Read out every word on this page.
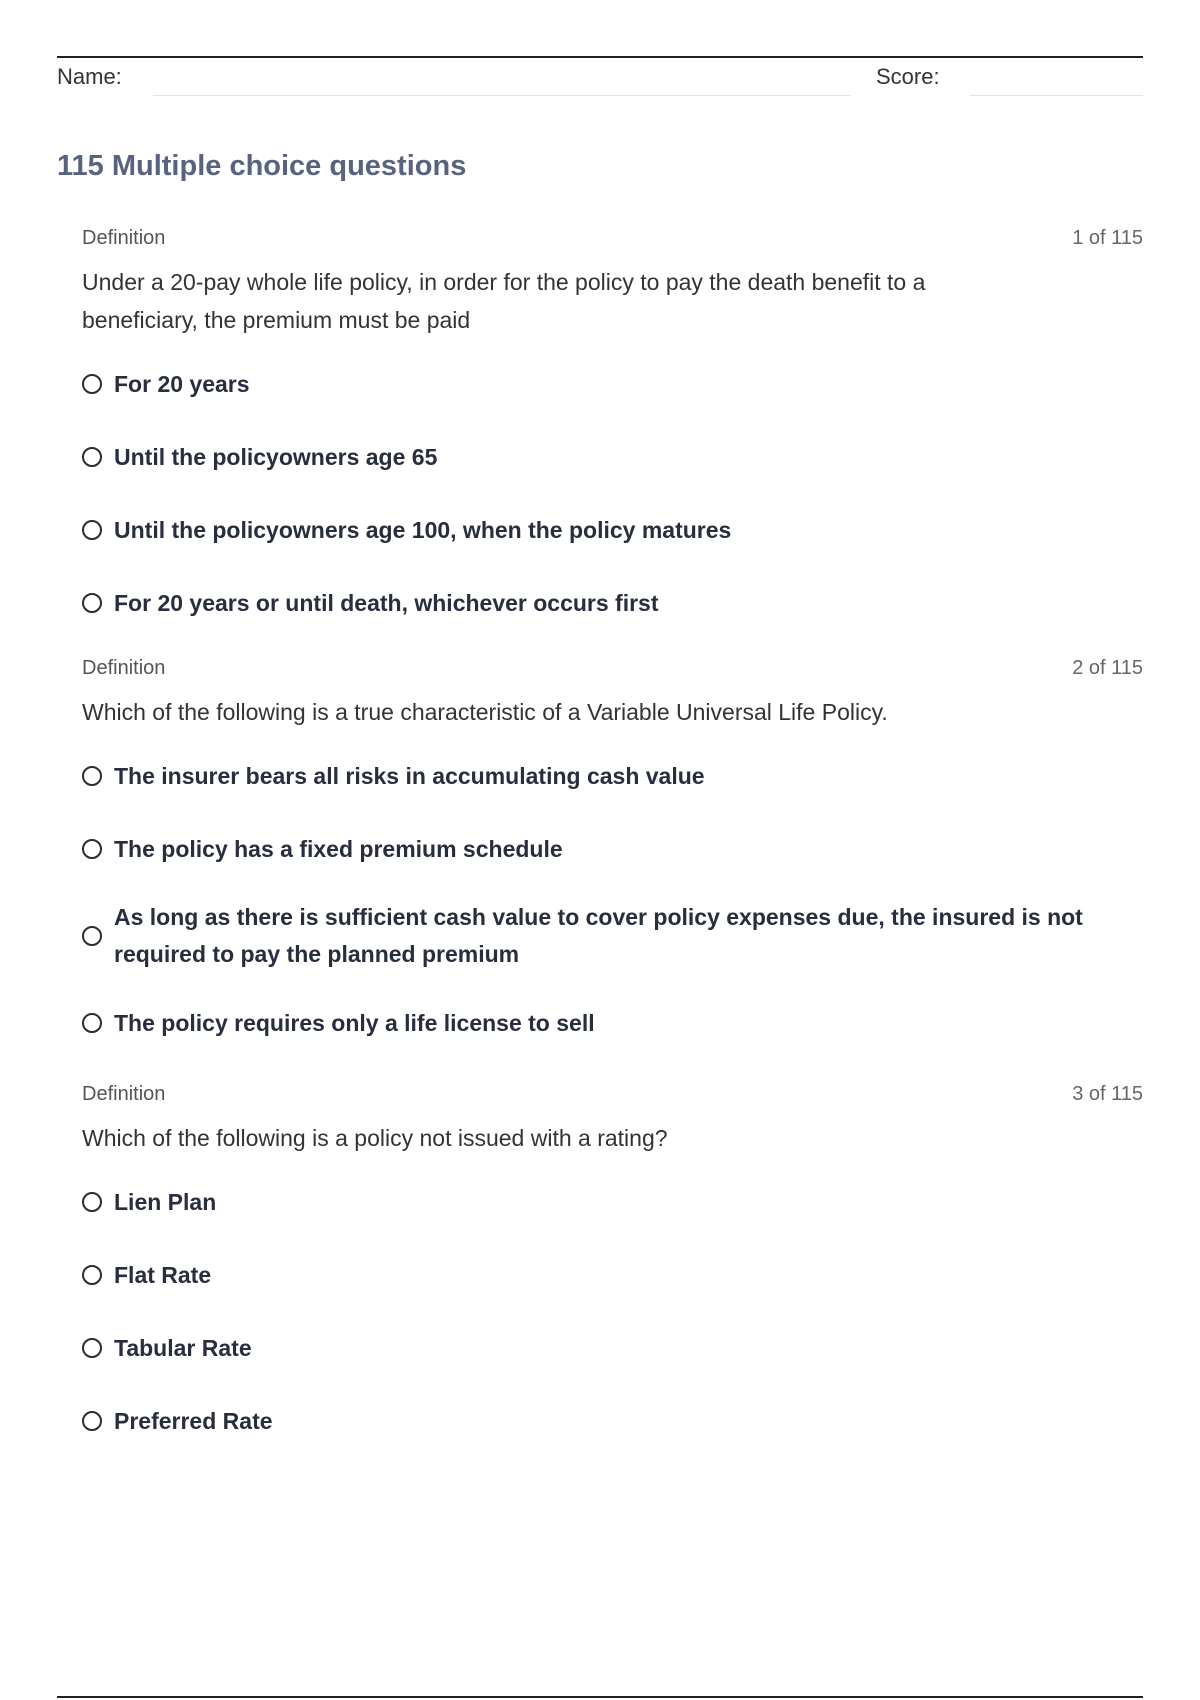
Name:	Score:
115 Multiple choice questions
Definition	1 of 115

Under a 20-pay whole life policy, in order for the policy to pay the death benefit to a beneficiary, the premium must be paid

For 20 years
Until the policyowners age 65
Until the policyowners age 100, when the policy matures
For 20 years or until death, whichever occurs first
Definition	2 of 115

Which of the following is a true characteristic of a Variable Universal Life Policy.

The insurer bears all risks in accumulating cash value
The policy has a fixed premium schedule
As long as there is sufficient cash value to cover policy expenses due, the insured is not required to pay the planned premium
The policy requires only a life license to sell
Definition	3 of 115

Which of the following is a policy not issued with a rating?

Lien Plan
Flat Rate
Tabular Rate
Preferred Rate
